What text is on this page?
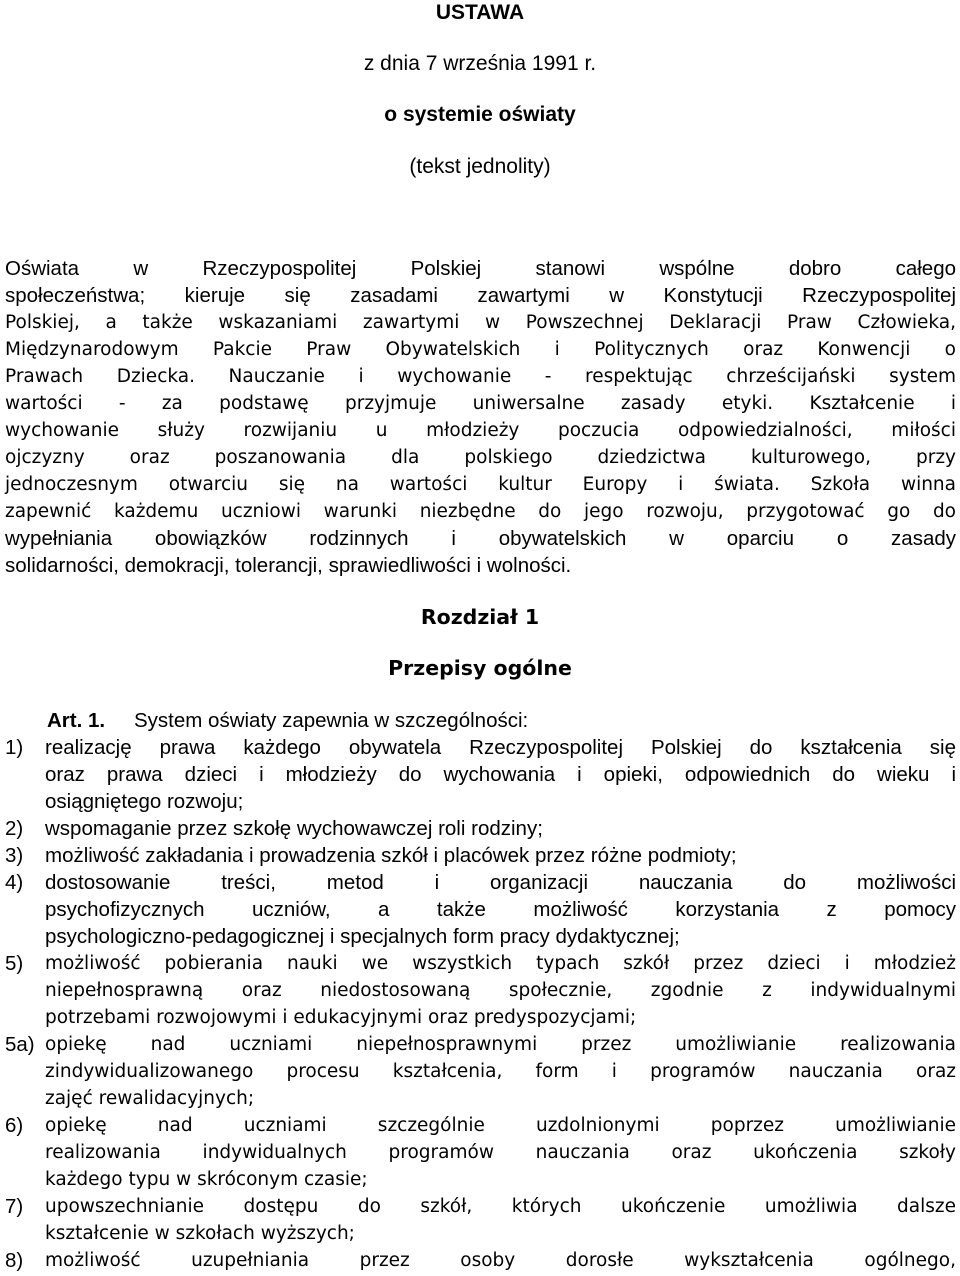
USTAWA
z dnia 7 września 1991 r.
o systemie oświaty
(tekst jednolity)
Oświata w Rzeczypospolitej Polskiej stanowi wspólne dobro całego
społeczeństwa; kieruje się zasadami zawartymi w Konstytucji Rzeczypospolitej
Polskiej, a także wskazaniami zawartymi w Powszechnej Deklaracji Praw Człowieka,
Międzynarodowym Pakcie Praw Obywatelskich i Politycznych oraz Konwencji o
Prawach Dziecka. Nauczanie i wychowanie - respektując chrześcijański system
wartości - za podstawę przyjmuje uniwersalne zasady etyki. Kształcenie i
wychowanie służy rozwijaniu u młodzieży poczucia odpowiedzialności, miłości
ojczyzny oraz poszanowania dla polskiego dziedzictwa kulturowego, przy
jednoczesnym otwarciu się na wartości kultur Europy i świata. Szkoła winna
zapewnić każdemu uczniowi warunki niezbędne do jego rozwoju, przygotować go do
wypełniania obowiązków rodzinnych i obywatelskich w oparciu o zasady
solidarności, demokracji, tolerancji, sprawiedliwości i wolności.
Rozdział 1
Przepisy ogólne
Art. 1. System oświaty zapewnia w szczególności:
1) realizację prawa każdego obywatela Rzeczypospolitej Polskiej do kształcenia się
oraz prawa dzieci i młodzieży do wychowania i opieki, odpowiednich do wieku i
osiągniętego rozwoju;
2) wspomaganie przez szkołę wychowawczej roli rodziny;
3) możliwość zakładania i prowadzenia szkół i placówek przez różne podmioty;
4) dostosowanie treści, metod i organizacji nauczania do możliwości
psychofizycznych uczniów, a także możliwość korzystania z pomocy
psychologiczno-pedagogicznej i specjalnych form pracy dydaktycznej;
5) możliwość pobierania nauki we wszystkich typach szkół przez dzieci i młodzież
niepełnosprawną oraz niedostosowaną społecznie, zgodnie z indywidualnymi
potrzebami rozwojowymi i edukacyjnymi oraz predyspozycjami;
5a) opiekę nad uczniami niepełnosprawnymi przez umożliwianie realizowania
zindywidualizowanego procesu kształcenia, form i programów nauczania oraz
zajęć rewalidacyjnych;
6) opiekę nad uczniami szczególnie uzdolnionymi poprzez umożliwianie
realizowania indywidualnych programów nauczania oraz ukończenia szkoły
każdego typu w skróconym czasie;
7) upowszechnianie dostępu do szkół, których ukończenie umożliwia dalsze
kształcenie w szkołach wyższych;
8) możliwość uzupełniania przez osoby dorosłe wykształcenia ogólnego,
